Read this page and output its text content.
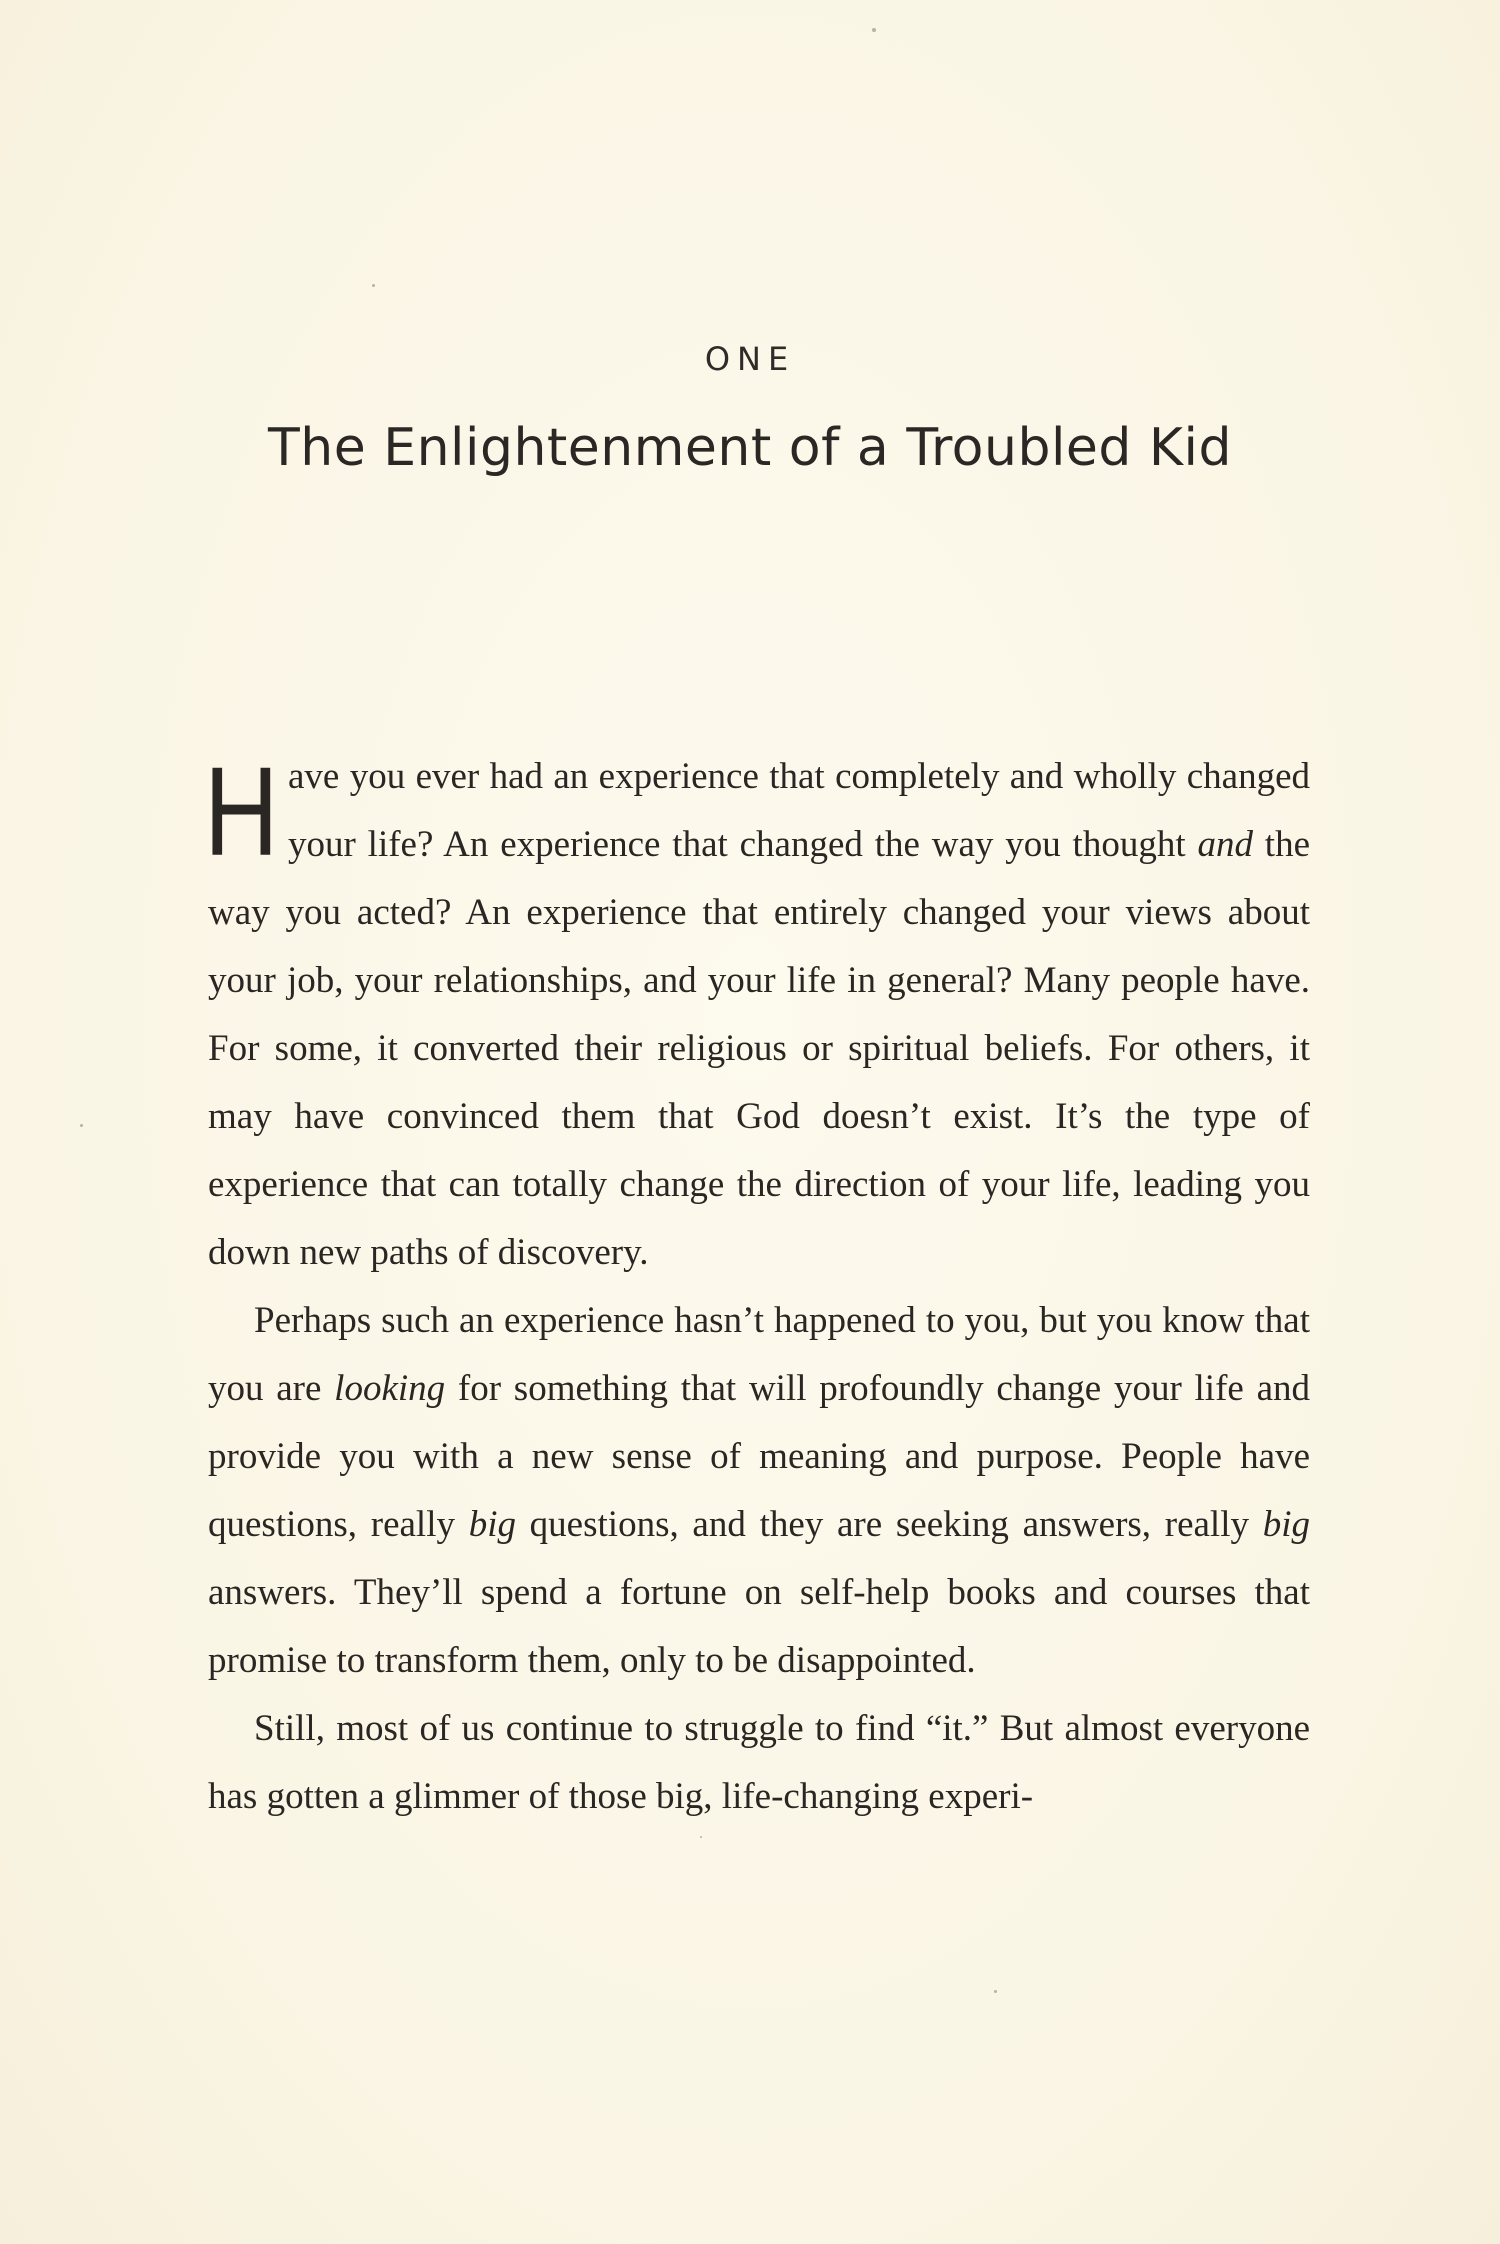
ONE
The Enlightenment of a Troubled Kid

Have you ever had an experience that completely and wholly changed your life? An experience that changed the way you thought and the way you acted? An experience that entirely changed your views about your job, your relationships, and your life in general? Many people have. For some, it converted their religious or spiritual beliefs. For others, it may have convinced them that God doesn’t exist. It’s the type of experience that can totally change the direction of your life, leading you down new paths of discovery.

Perhaps such an experience hasn’t happened to you, but you know that you are looking for something that will profoundly change your life and provide you with a new sense of meaning and purpose. People have questions, really big questions, and they are seeking answers, really big answers. They’ll spend a fortune on self-help books and courses that promise to transform them, only to be disappointed.

Still, most of us continue to struggle to find “it.” But almost everyone has gotten a glimmer of those big, life-changing experi-
